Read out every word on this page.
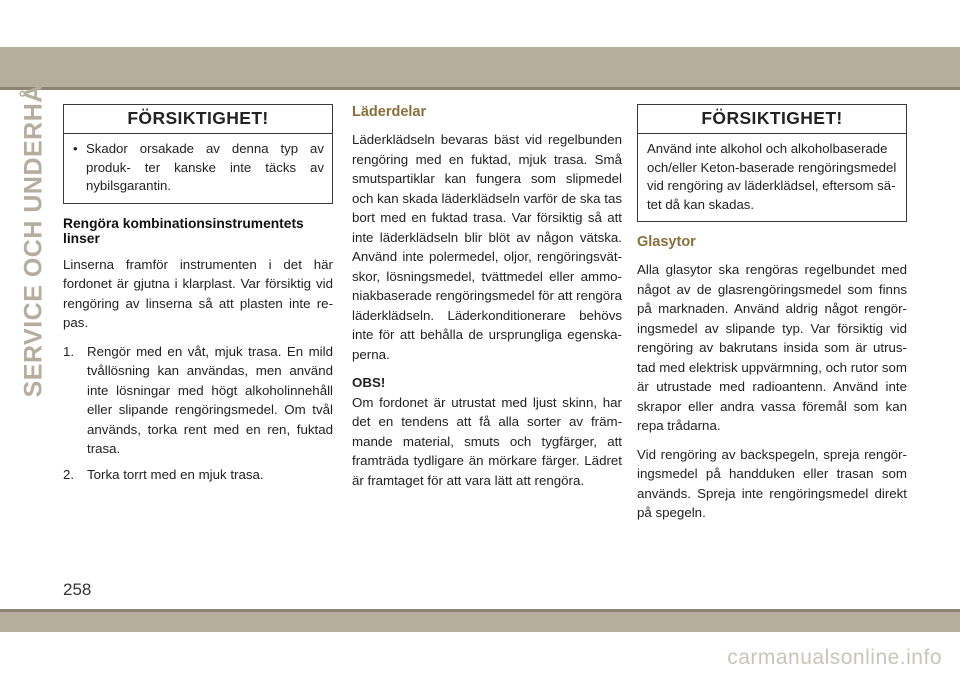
SERVICE OCH UNDERHÅLL	FÖRSIKTIGHET!
• Skador orsakade av denna typ av produk- ter kanske inte täcks av nybilsgarantin.
Rengöra kombinationsinstrumentets linser

Linserna framför instrumenten i det här fordonet är gjutna i klarplast. Var försiktig vid rengöring av linserna så att plasten inte re- pas.

1. Rengör med en våt, mjuk trasa. En mild tvållösning kan användas, men använd inte lösningar med högt alkoholinnehåll eller slipande rengöringsmedel. Om tvål används, torka rent med en ren, fuktad trasa.
2. Torka torrt med en mjuk trasa.
Läderdelar

Läderklädseln bevaras bäst vid regelbunden rengöring med en fuktad, mjuk trasa. Små smutspartiklar kan fungera som slipmedel och kan skada läderklädseln varför de ska tas bort med en fuktad trasa. Var försiktig så att inte läderklädseln blir blöt av någon vätska. Använd inte polermedel, oljor, rengöringsvät- skor, lösningsmedel, tvättmedel eller ammo- niakbaserade rengöringsmedel för att rengöra läderklädseln. Läderkonditionerare behövs inte för att behålla de ursprungliga egenska- perna.

OBS!
Om fordonet är utrustat med ljust skinn, har det en tendens att få alla sorter av främ- mande material, smuts och tygfärger, att framträda tydligare än mörkare färger. Lädret är framtaget för att vara lätt att rengöra.

FÖRSIKTIGHET!
Använd inte alkohol och alkoholbaserade och/eller Keton-baserade rengöringsmedel vid rengöring av läderklädsel, eftersom sä- tet då kan skadas.
Glasytor

Alla glasytor ska rengöras regelbundet med något av de glasrengöringsmedel som finns på marknaden. Använd aldrig något rengör- ingsmedel av slipande typ. Var försiktig vid rengöring av bakrutans insida som är utrus- tad med elektrisk uppvärmning, och rutor som är utrustade med radioantenn. Använd inte skrapor eller andra vassa föremål som kan repa trådarna.

Vid rengöring av backspegeln, spreja rengör- ingsmedel på handduken eller trasan som används. Spreja inte rengöringsmedel direkt på spegeln.

258
carmanualsonline.info
